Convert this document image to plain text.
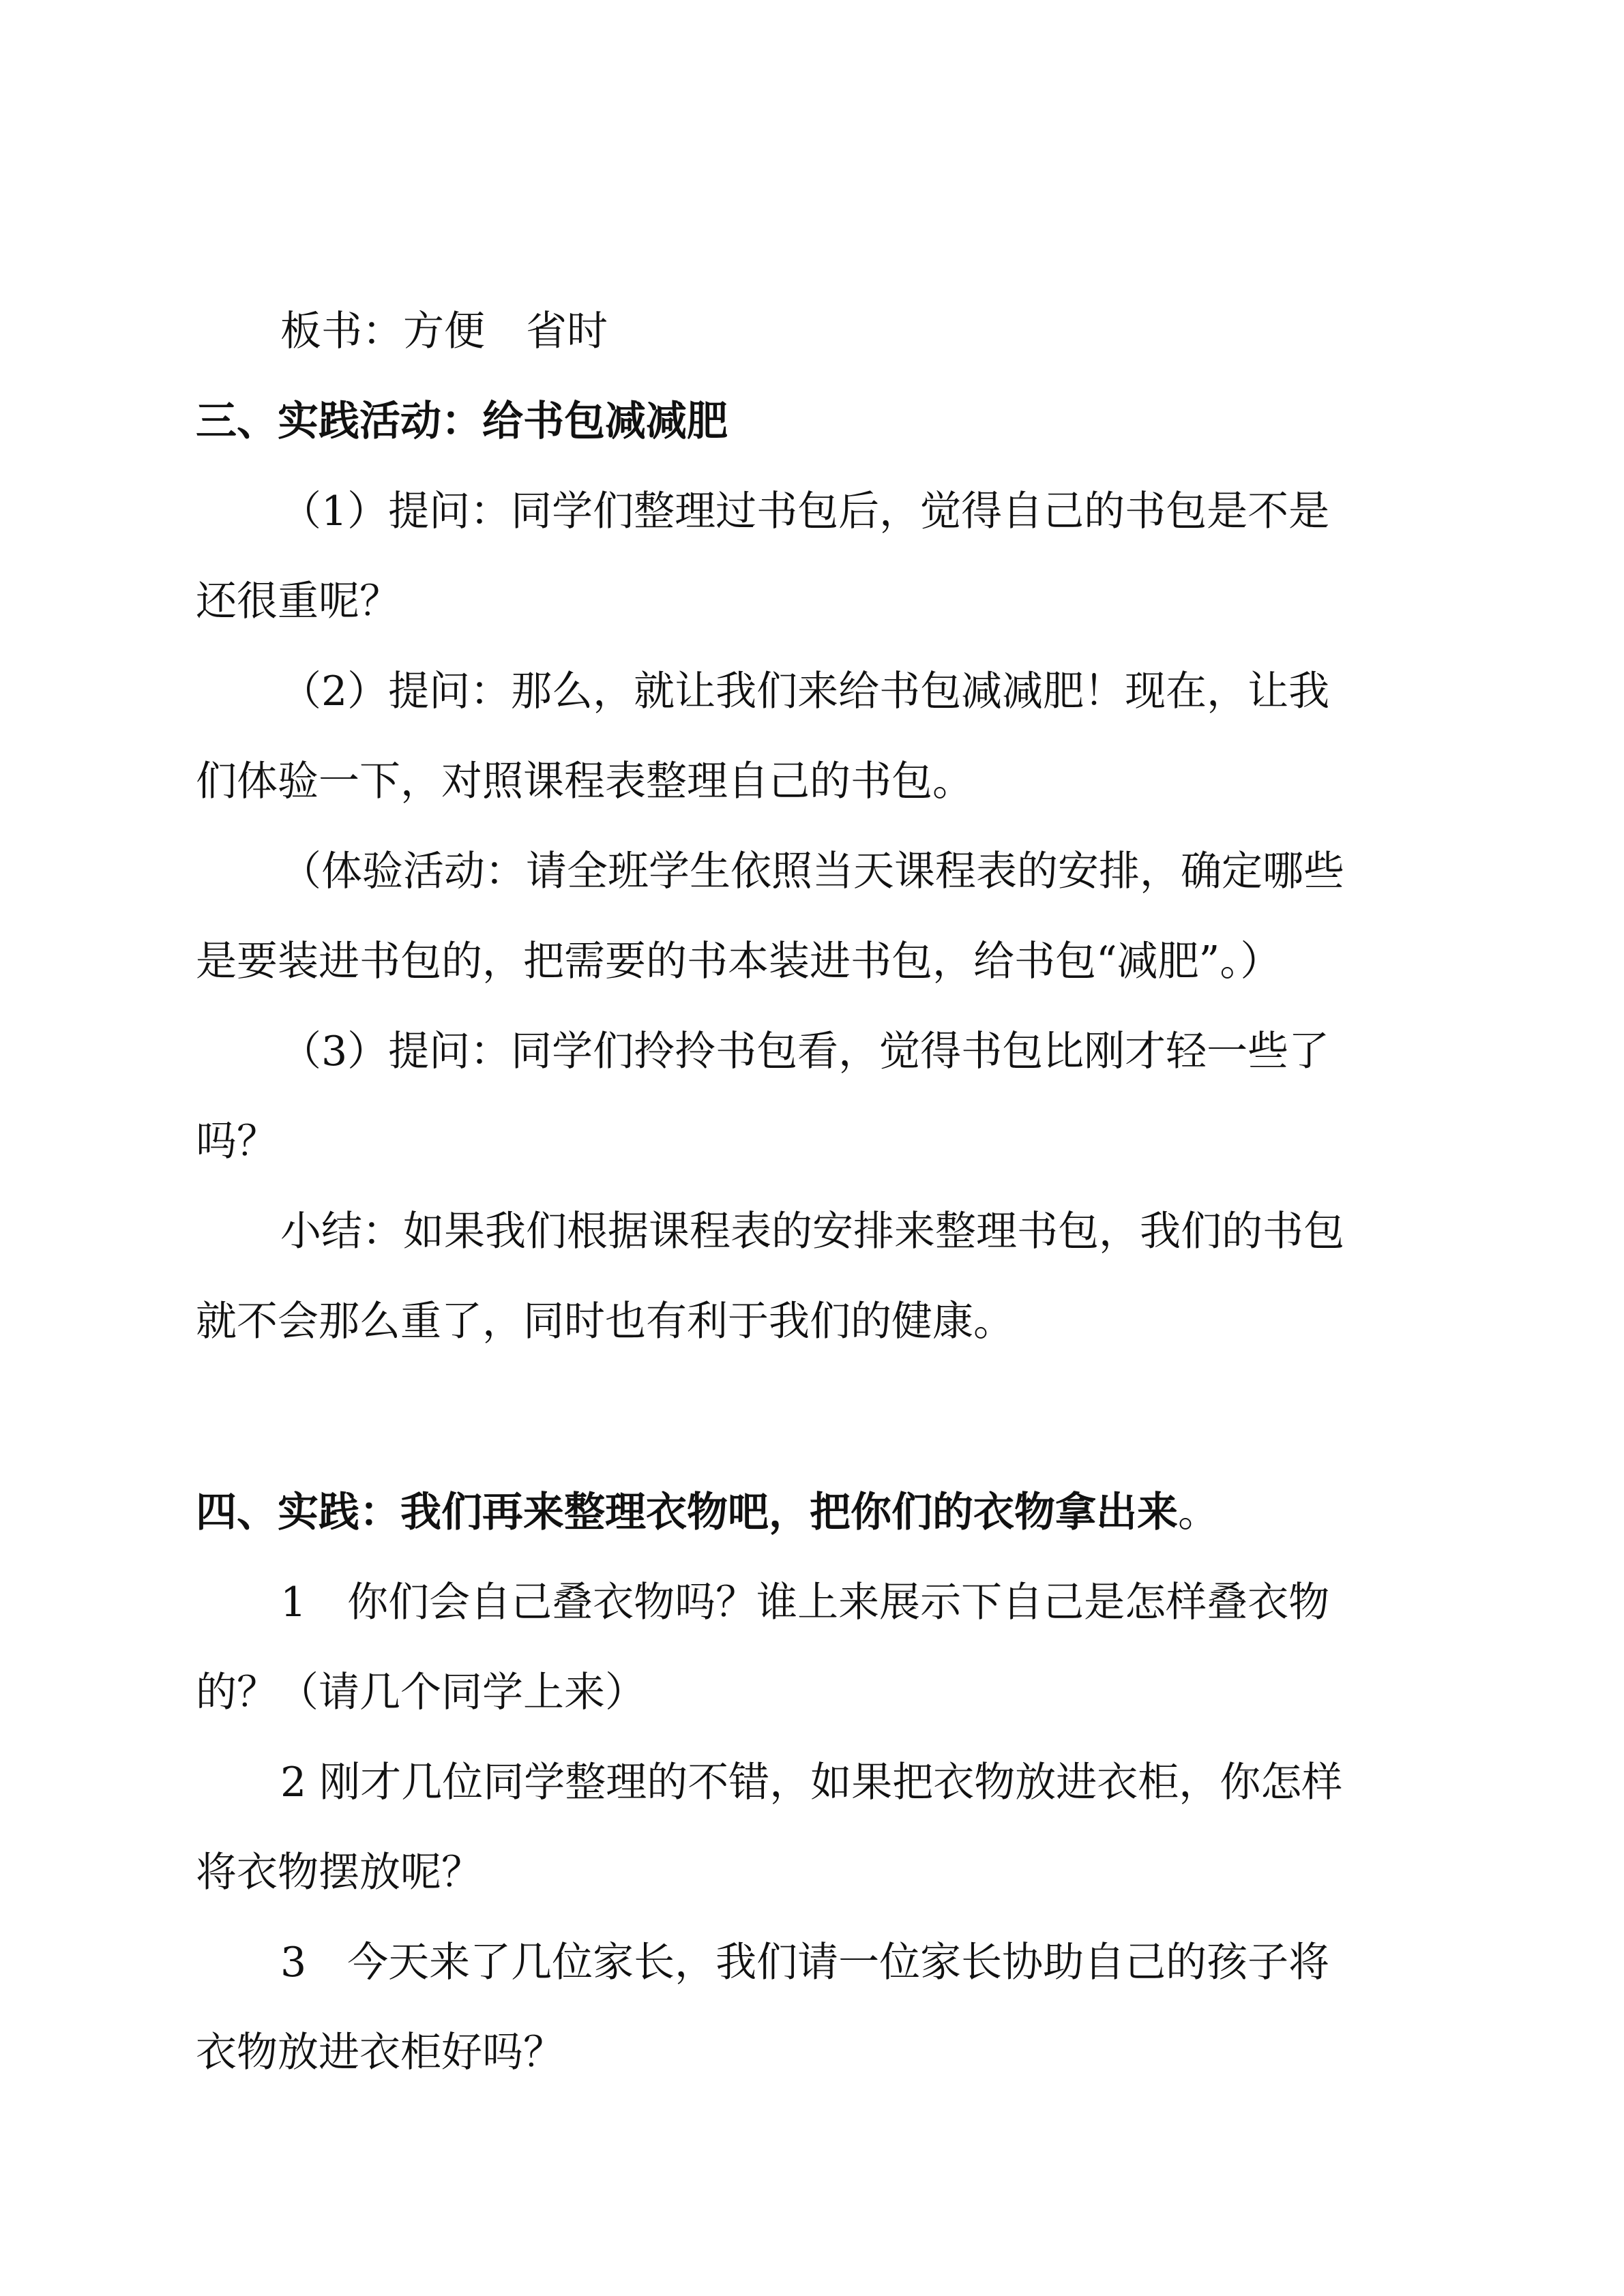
板书：方便　省时
三、实践活动：给书包减减肥
（1）提问：同学们整理过书包后，觉得自己的书包是不是
还很重呢？
（2）提问：那么，就让我们来给书包减减肥！现在，让我
们体验一下，对照课程表整理自己的书包。
（体验活动：请全班学生依照当天课程表的安排，确定哪些
是要装进书包的，把需要的书本装进书包，给书包“减肥”。）
（3）提问：同学们拎拎书包看，觉得书包比刚才轻一些了
吗？
小结：如果我们根据课程表的安排来整理书包，我们的书包
就不会那么重了，同时也有利于我们的健康。
四、实践：我们再来整理衣物吧，把你们的衣物拿出来。
1　你们会自己叠衣物吗？谁上来展示下自己是怎样叠衣物
的？（请几个同学上来）
2 刚才几位同学整理的不错，如果把衣物放进衣柜，你怎样
将衣物摆放呢？
3　今天来了几位家长，我们请一位家长协助自己的孩子将
衣物放进衣柜好吗？
